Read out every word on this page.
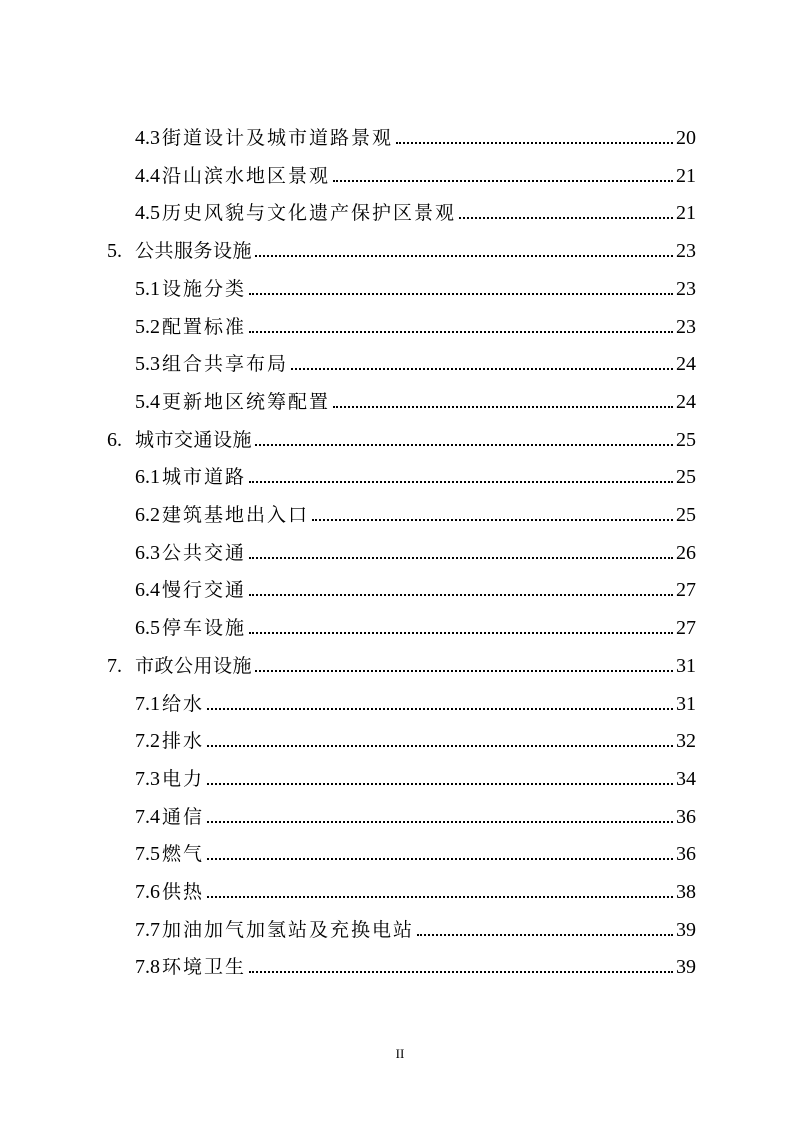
4.3 街道设计及城市道路景观	20
4.4 沿山滨水地区景观	21
4.5 历史风貌与文化遗产保护区景观	21
5. 公共服务设施	23
5.1 设施分类	23
5.2 配置标准	23
5.3 组合共享布局	24
5.4 更新地区统筹配置	24
6. 城市交通设施	25
6.1 城市道路	25
6.2 建筑基地出入口	25
6.3 公共交通	26
6.4 慢行交通	27
6.5 停车设施	27
7. 市政公用设施	31
7.1 给水	31
7.2 排水	32
7.3 电力	34
7.4 通信	36
7.5 燃气	36
7.6 供热	38
7.7 加油加气加氢站及充换电站	39
7.8 环境卫生	39
II
